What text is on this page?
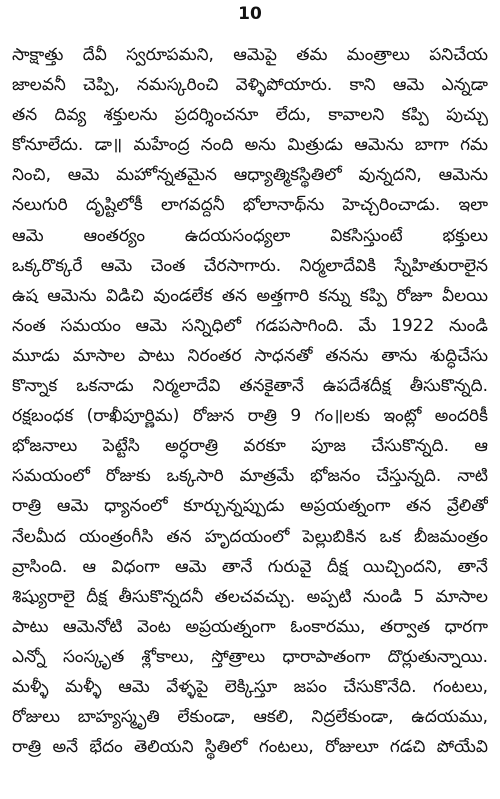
10
సాక్షాత్తు దేవీ స్వరూపమని, ఆమెపై తమ మంత్రాలు పనిచేయ
జాలవనీ చెప్పి, నమస్కరించి వెళ్ళిపోయారు. కాని ఆమె ఎన్నడా
తన దివ్య శక్తులను ప్రదర్శించనూ లేదు, కావాలని కప్పి పుచ్చు
కోనూలేదు. డా॥ మహేంద్ర నంది అను మిత్రుడు ఆమెను బాగా గమ
నించి, ఆమె మహోన్నతమైన ఆధ్యాత్మికస్థితిలో వున్నదని, ఆమెను
నలుగురి దృష్టిలోకీ లాగవద్దనీ భోలానాథ్‌ను హెచ్చరించాడు. ఇలా
ఆమె ఆంతర్యం ఉదయసంధ్యలా వికసిస్తుంటే భక్తులు
ఒక్కరొక్కరే ఆమె చెంత చేరసాగారు. నిర్మలాదేవికి స్నేహితురాలైన
ఉష ఆమెను విడిచి వుండలేక తన అత్తగారి కన్ను కప్పి రోజూ వీలయి
నంత సమయం ఆమె సన్నిధిలో గడపసాగింది. మే 1922 నుండి
మూడు మాసాల పాటు నిరంతర సాధనతో తనను తాను శుద్ధిచేసు
కొన్నాక ఒకనాడు నిర్మలాదేవి తనకైతానే ఉపదేశదీక్ష తీసుకొన్నది.
రక్షబంధక (రాఖీపూర్ణిమ) రోజున రాత్రి 9 గం॥లకు ఇంట్లో అందరికీ
భోజనాలు పెట్టేసి అర్ధరాత్రి వరకూ పూజ చేసుకొన్నది. ఆ
సమయంలో రోజుకు ఒక్కసారి మాత్రమే భోజనం చేస్తున్నది. నాటి
రాత్రి ఆమె ధ్యానంలో కూర్చున్నప్పుడు అప్రయత్నంగా తన వ్రేలితో
నేలమీద యంత్రంగీసి తన హృదయంలో పెల్లుబికిన ఒక బీజమంత్రం
వ్రాసింది. ఆ విధంగా ఆమె తానే గురువై దీక్ష యిచ్చిందని, తానే
శిష్యురాలై దీక్ష తీసుకొన్నదనీ తలచవచ్చు. అప్పటి నుండి 5 మాసాల
పాటు ఆమెనోటి వెంట అప్రయత్నంగా ఓంకారము, తర్వాత ధారగా
ఎన్నో సంస్కృత శ్లోకాలు, స్తోత్రాలు ధారాపాతంగా దొర్లుతున్నాయి.
మళ్ళీ మళ్ళీ ఆమె వేళ్ళపై లెక్కిస్తూ జపం చేసుకొనేది. గంటలు,
రోజులు బాహ్యస్మృతి లేకుండా, ఆకలి, నిద్రలేకుండా, ఉదయము,
రాత్రి అనే భేదం తెలియని స్థితిలో గంటలు, రోజులూ గడచి పోయేవి
